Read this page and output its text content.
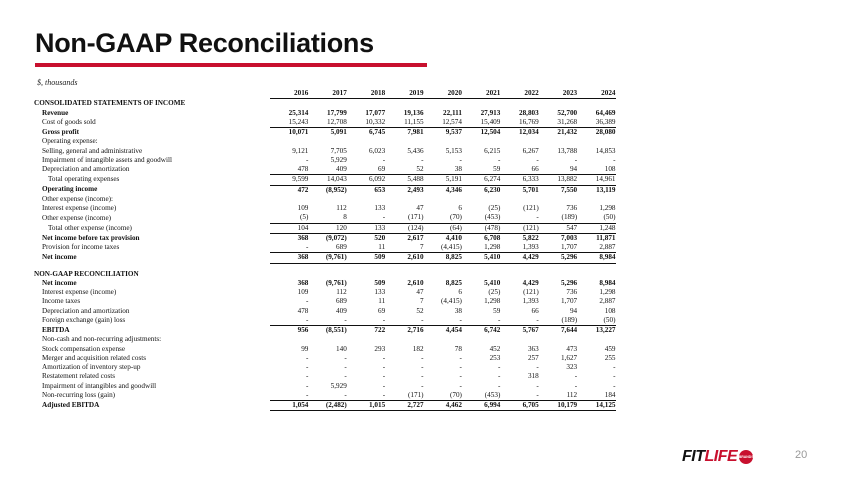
Non-GAAP Reconciliations
$, thousands
	2016	2017	2018	2019	2020	2021	2022	2023	2024
CONSOLIDATED STATEMENTS OF INCOME									
Revenue	25,314	17,799	17,077	19,136	22,111	27,913	28,803	52,700	64,469
Cost of goods sold	15,243	12,708	10,332	11,155	12,574	15,409	16,769	31,268	36,389
Gross profit	10,071	5,091	6,745	7,981	9,537	12,504	12,034	21,432	28,080
Operating expense:									
Selling, general and administrative	9,121	7,705	6,023	5,436	5,153	6,215	6,267	13,788	14,853
Impairment of intangible assets and goodwill	-	5,929	-	-	-	-	-	-	-
Depreciation and amortization	478	409	69	52	38	59	66	94	108
Total operating expenses	9,599	14,043	6,092	5,488	5,191	6,274	6,333	13,882	14,961
Operating income	472	(8,952)	653	2,493	4,346	6,230	5,701	7,550	13,119
Other expense (income):									
Interest expense (income)	109	112	133	47	6	(25)	(121)	736	1,298
Other expense (income)	(5)	8	-	(171)	(70)	(453)	-	(189)	(50)
Total other expense (income)	104	120	133	(124)	(64)	(478)	(121)	547	1,248
Net income before tax provision	368	(9,072)	520	2,617	4,410	6,708	5,822	7,003	11,871
Provision for income taxes	-	689	11	7	(4,415)	1,298	1,393	1,707	2,887
Net income	368	(9,761)	509	2,610	8,825	5,410	4,429	5,296	8,984

NON-GAAP RECONCILIATION									
Net income	368	(9,761)	509	2,610	8,825	5,410	4,429	5,296	8,984
Interest expense (income)	109	112	133	47	6	(25)	(121)	736	1,298
Income taxes	-	689	11	7	(4,415)	1,298	1,393	1,707	2,887
Depreciation and amortization	478	409	69	52	38	59	66	94	108
Foreign exchange (gain) loss	-	-	-	-	-	-	-	(189)	(50)
EBITDA	956	(8,551)	722	2,716	4,454	6,742	5,767	7,644	13,227
Non-cash and non-recurring adjustments:									
Stock compensation expense	99	140	293	182	78	452	363	473	459
Merger and acquisition related costs	-	-	-	-	-	253	257	1,627	255
Amortization of inventory step-up	-	-	-	-	-	-	-	323	-
Restatement related costs	-	-	-	-	-	-	318	-	-
Impairment of intangibles and goodwill	-	5,929	-	-	-	-	-	-	-
Non-recurring loss (gain)	-	-	-	(171)	(70)	(453)	-	112	184
Adjusted EBITDA	1,054	(2,482)	1,015	2,727	4,462	6,994	6,705	10,179	14,125
FITLIFE BRANDS	20
